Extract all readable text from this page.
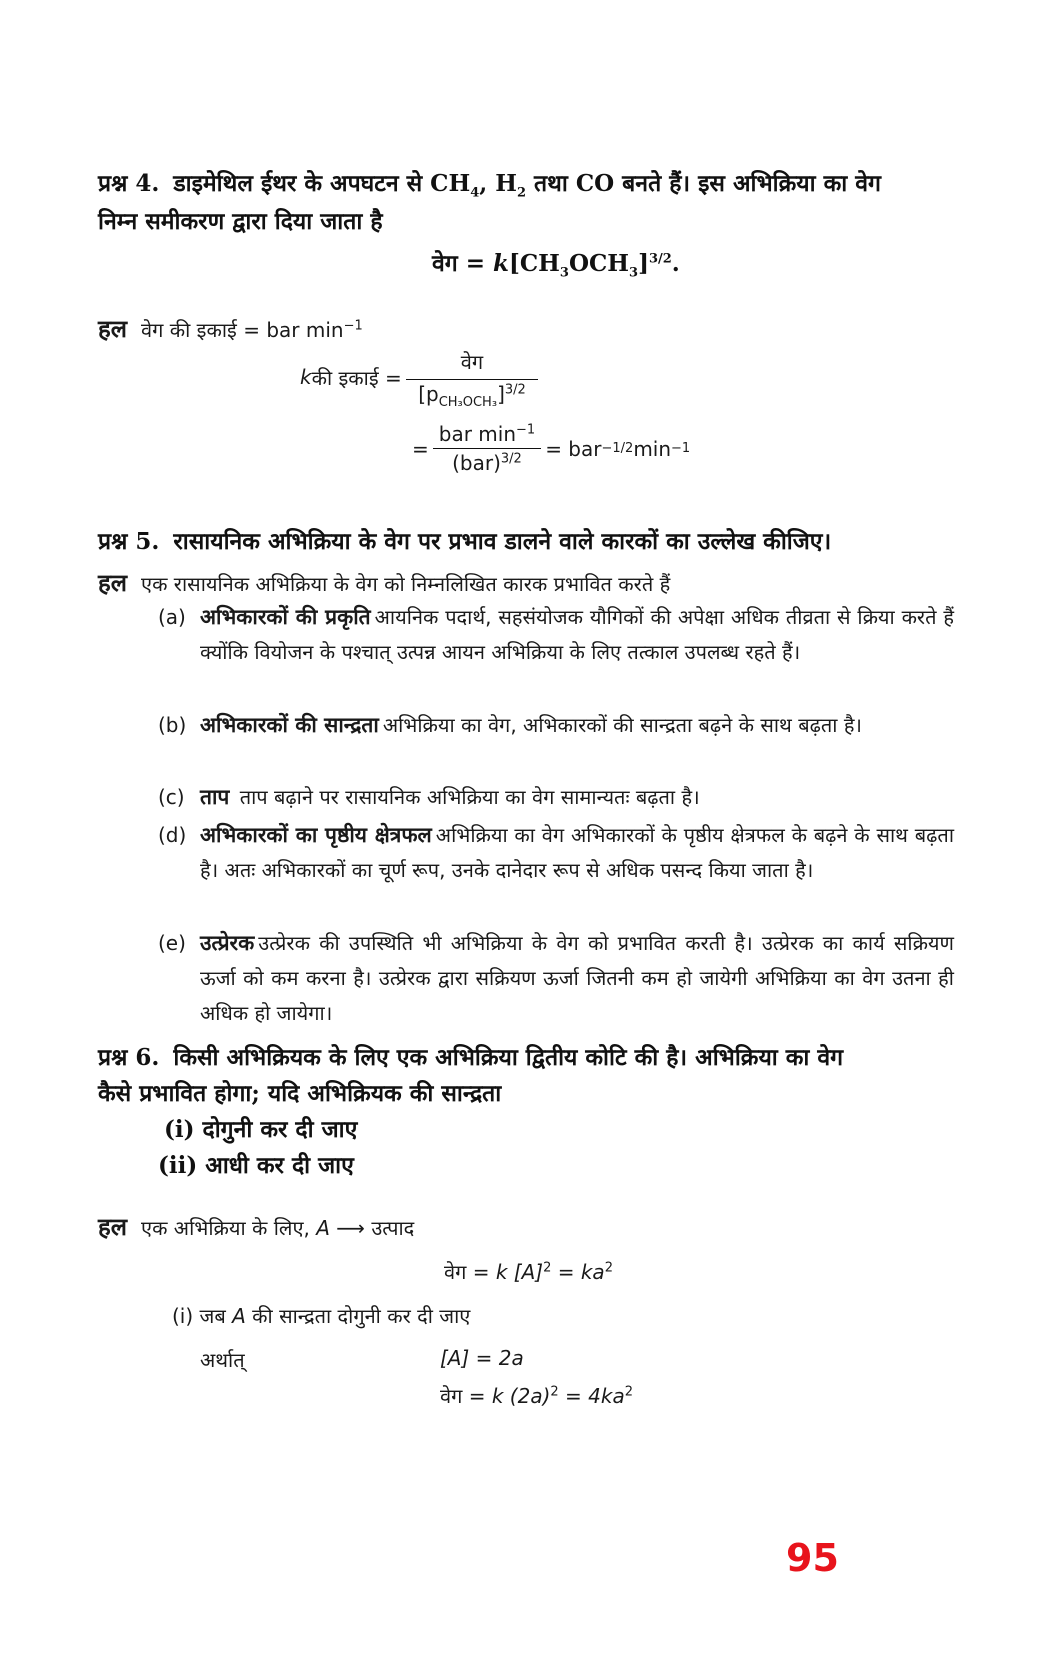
प्रश्न 4. डाइमेथिल ईथर के अपघटन से $CH_4$, $H_2$ तथा CO बनते हैं। इस अभिक्रिया का वेग
निम्न समीकरण द्वारा दिया जाता है
वेग = $k[CH_3OCH_3]^{3/2}$.
हल वेग की इकाई = bar $\min^{-1}$
k की इकाई = $\frac{\text{वेग}}{[p_{CH_3OCH_3}]^{3/2}}$
= $\frac{bar \min^{-1}}{(bar)^{3/2}}$ = bar −1/2 min −1
प्रश्न 5. रासायनिक अभिक्रिया के वेग पर प्रभाव डालने वाले कारकों का उल्लेख कीजिए।
हल एक रासायनिक अभिक्रिया के वेग को निम्नलिखित कारक प्रभावित करते हैं
(a) अभिकारकों की प्रकृति आयनिक पदार्थ, सहसंयोजक यौगिकों की अपेक्षा अधिक तीव्रता से क्रिया करते हैं क्योंकि वियोजन के पश्चात् उत्पन्न आयन अभिक्रिया के लिए तत्काल उपलब्ध रहते हैं।
(b) अभिकारकों की सान्द्रता अभिक्रिया का वेग, अभिकारकों की सान्द्रता बढ़ने के साथ बढ़ता है।
(c) ताप ताप बढ़ाने पर रासायनिक अभिक्रिया का वेग सामान्यतः बढ़ता है।
(d) अभिकारकों का पृष्ठीय क्षेत्रफल अभिक्रिया का वेग अभिकारकों के पृष्ठीय क्षेत्रफल के बढ़ने के साथ बढ़ता है। अतः अभिकारकों का चूर्ण रूप, उनके दानेदार रूप से अधिक पसन्द किया जाता है।
(e) उत्प्रेरक उत्प्रेरक की उपस्थिति भी अभिक्रिया के वेग को प्रभावित करती है। उत्प्रेरक का कार्य सक्रियण ऊर्जा को कम करना है। उत्प्रेरक द्वारा सक्रियण ऊर्जा जितनी कम हो जायेगी अभिक्रिया का वेग उतना ही अधिक हो जायेगा।
प्रश्न 6. किसी अभिक्रियक के लिए एक अभिक्रिया द्वितीय कोटि की है। अभिक्रिया का वेग
कैसे प्रभावित होगा; यदि अभिक्रियक की सान्द्रता
(i) दोगुनी कर दी जाए
(ii) आधी कर दी जाए
हल एक अभिक्रिया के लिए, A ⟶ उत्पाद
वेग = k $[A]^2 = ka^2$
(i) जब A की सान्द्रता दोगुनी कर दी जाए
अर्थात्	[A] = 2a
वेग = k $(2a)^2 = 4ka^2$
95
